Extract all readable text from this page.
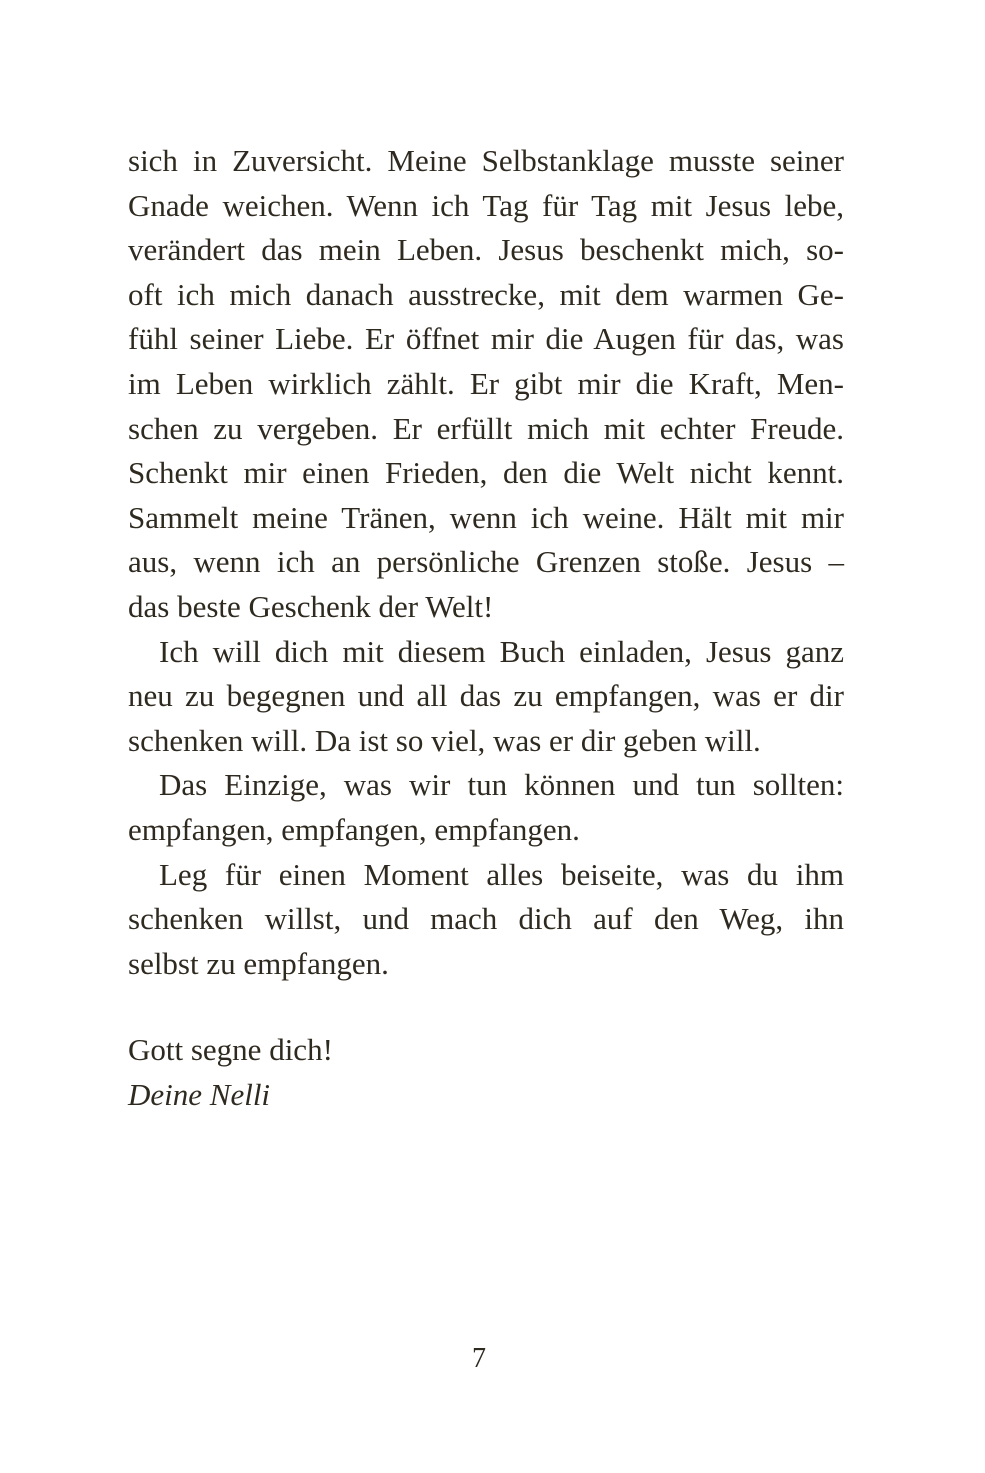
sich in Zuversicht. Meine Selbstanklage musste seiner
Gnade weichen. Wenn ich Tag für Tag mit Jesus lebe,
verändert das mein Leben. Jesus beschenkt mich, so-
oft ich mich danach ausstrecke, mit dem warmen Ge-
fühl seiner Liebe. Er öffnet mir die Augen für das, was
im Leben wirklich zählt. Er gibt mir die Kraft, Men-
schen zu vergeben. Er erfüllt mich mit echter Freude.
Schenkt mir einen Frieden, den die Welt nicht kennt.
Sammelt meine Tränen, wenn ich weine. Hält mit mir
aus, wenn ich an persönliche Grenzen stoße. Jesus –
das beste Geschenk der Welt!
Ich will dich mit diesem Buch einladen, Jesus ganz
neu zu begegnen und all das zu empfangen, was er dir
schenken will. Da ist so viel, was er dir geben will.
Das Einzige, was wir tun können und tun sollten:
empfangen, empfangen, empfangen.
Leg für einen Moment alles beiseite, was du ihm
schenken willst, und mach dich auf den Weg, ihn
selbst zu empfangen.
Gott segne dich!
Deine Nelli
7
